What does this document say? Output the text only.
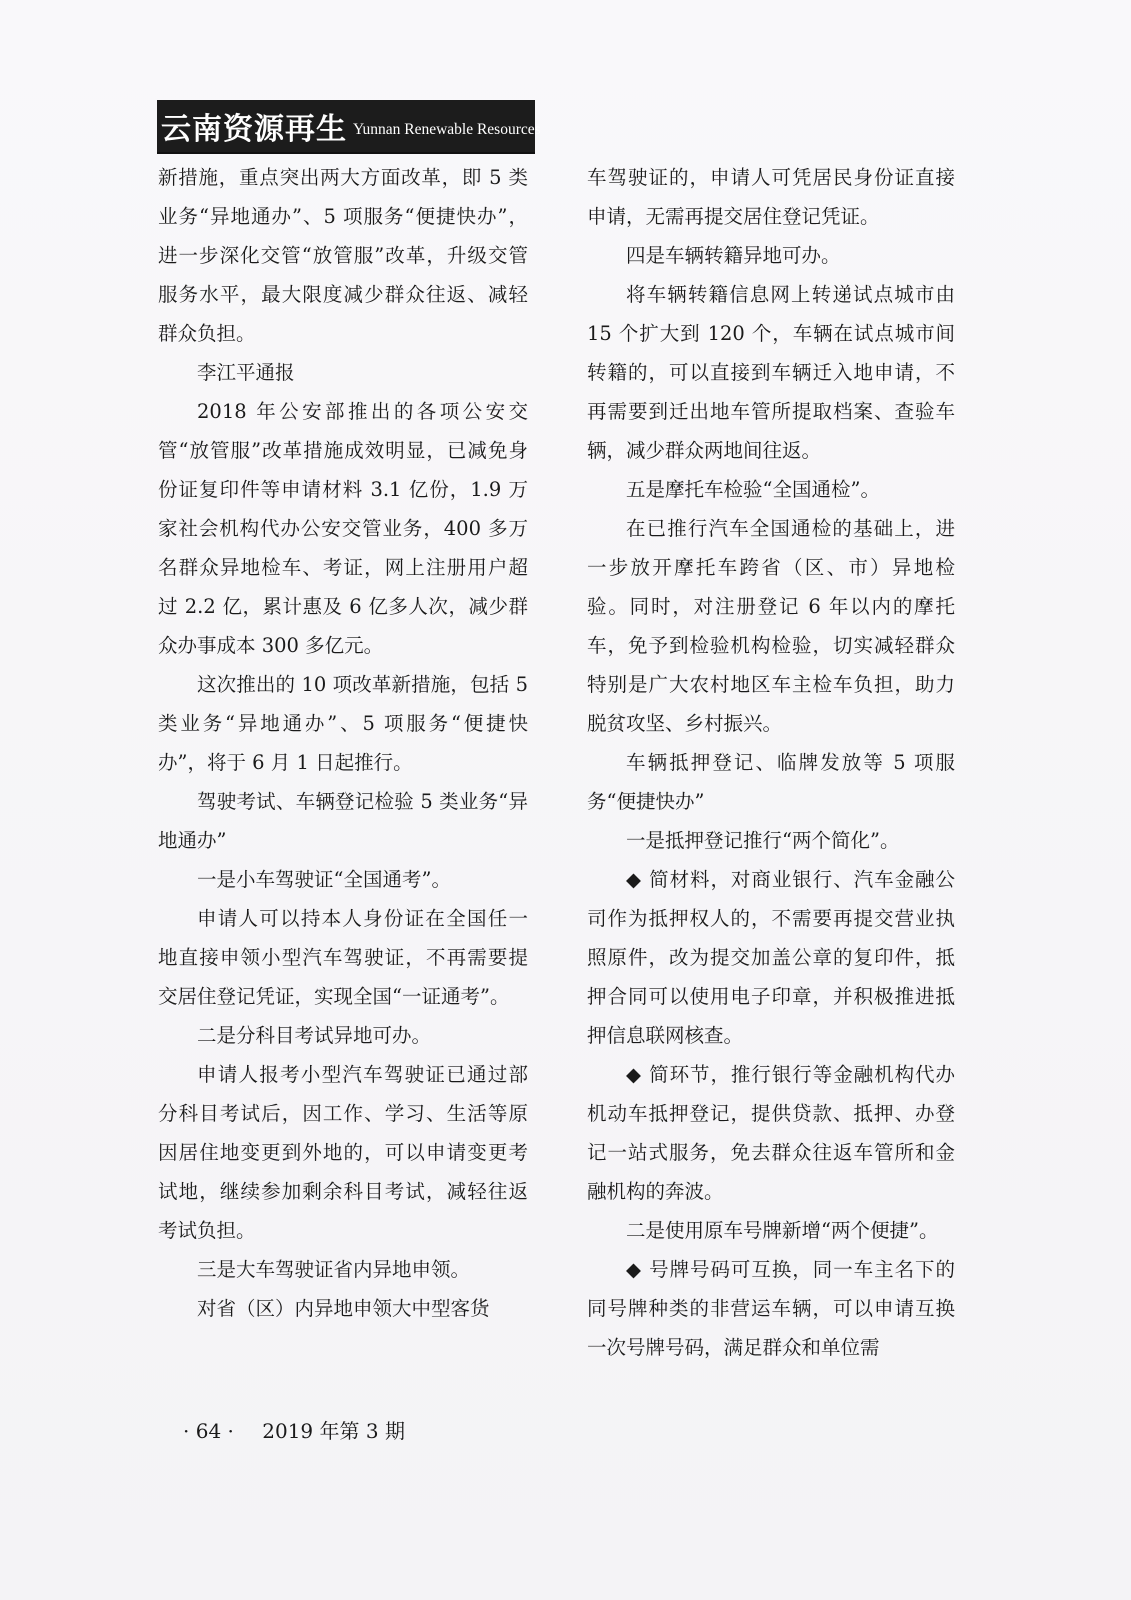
云南资源再生 Yunnan Renewable Resources

新措施，重点突出两大方面改革，即 5 类业务“异地通办”、5 项服务“便捷快办”，进一步深化交管“放管服”改革，升级交管服务水平，最大限度减少群众往返、减轻群众负担。

李江平通报

2018 年公安部推出的各项公安交管“放管服”改革措施成效明显，已减免身份证复印件等申请材料 3.1 亿份，1.9 万家社会机构代办公安交管业务，400 多万名群众异地检车、考证，网上注册用户超过 2.2 亿，累计惠及 6 亿多人次，减少群众办事成本 300 多亿元。

这次推出的 10 项改革新措施，包括 5 类业务“异地通办”、5 项服务“便捷快办”，将于 6 月 1 日起推行。

驾驶考试、车辆登记检验 5 类业务“异地通办”

一是小车驾驶证“全国通考”。

申请人可以持本人身份证在全国任一地直接申领小型汽车驾驶证，不再需要提交居住登记凭证，实现全国“一证通考”。

二是分科目考试异地可办。

申请人报考小型汽车驾驶证已通过部分科目考试后，因工作、学习、生活等原因居住地变更到外地的，可以申请变更考试地，继续参加剩余科目考试，减轻往返考试负担。

三是大车驾驶证省内异地申领。

对省（区）内异地申领大中型客货

车驾驶证的，申请人可凭居民身份证直接申请，无需再提交居住登记凭证。

四是车辆转籍异地可办。

将车辆转籍信息网上转递试点城市由 15 个扩大到 120 个，车辆在试点城市间转籍的，可以直接到车辆迁入地申请，不再需要到迁出地车管所提取档案、查验车辆，减少群众两地间往返。

五是摩托车检验“全国通检”。

在已推行汽车全国通检的基础上，进一步放开摩托车跨省（区、市）异地检验。同时，对注册登记 6 年以内的摩托车，免予到检验机构检验，切实减轻群众特别是广大农村地区车主检车负担，助力脱贫攻坚、乡村振兴。

车辆抵押登记、临牌发放等 5 项服务“便捷快办”

一是抵押登记推行“两个简化”。

◆ 简材料，对商业银行、汽车金融公司作为抵押权人的，不需要再提交营业执照原件，改为提交加盖公章的复印件，抵押合同可以使用电子印章，并积极推进抵押信息联网核查。

◆ 简环节，推行银行等金融机构代办机动车抵押登记，提供贷款、抵押、办登记一站式服务，免去群众往返车管所和金融机构的奔波。

二是使用原车号牌新增“两个便捷”。

◆ 号牌号码可互换，同一车主名下的同号牌种类的非营运车辆，可以申请互换一次号牌号码，满足群众和单位需

· 64 · 2019 年第 3 期
